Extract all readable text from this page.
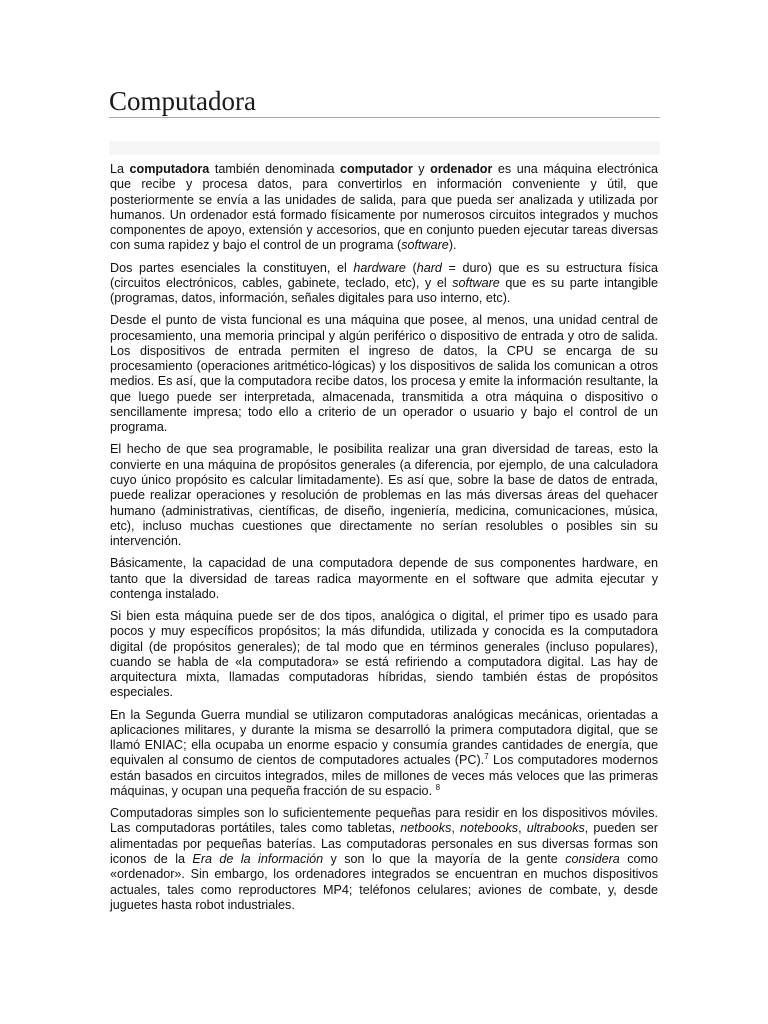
Computadora

La computadora también denominada computador y ordenador es una máquina electrónica que recibe y procesa datos, para convertirlos en información conveniente y útil, que posteriormente se envía a las unidades de salida, para que pueda ser analizada y utilizada por humanos. Un ordenador está formado físicamente por numerosos circuitos integrados y muchos componentes de apoyo, extensión y accesorios, que en conjunto pueden ejecutar tareas diversas con suma rapidez y bajo el control de un programa (software).

Dos partes esenciales la constituyen, el hardware (hard = duro) que es su estructura física (circuitos electrónicos, cables, gabinete, teclado, etc), y el software que es su parte intangible (programas, datos, información, señales digitales para uso interno, etc).

Desde el punto de vista funcional es una máquina que posee, al menos, una unidad central de procesamiento, una memoria principal y algún periférico o dispositivo de entrada y otro de salida. Los dispositivos de entrada permiten el ingreso de datos, la CPU se encarga de su procesamiento (operaciones aritmético-lógicas) y los dispositivos de salida los comunican a otros medios. Es así, que la computadora recibe datos, los procesa y emite la información resultante, la que luego puede ser interpretada, almacenada, transmitida a otra máquina o dispositivo o sencillamente impresa; todo ello a criterio de un operador o usuario y bajo el control de un programa.

El hecho de que sea programable, le posibilita realizar una gran diversidad de tareas, esto la convierte en una máquina de propósitos generales (a diferencia, por ejemplo, de una calculadora cuyo único propósito es calcular limitadamente). Es así que, sobre la base de datos de entrada, puede realizar operaciones y resolución de problemas en las más diversas áreas del quehacer humano (administrativas, científicas, de diseño, ingeniería, medicina, comunicaciones, música, etc), incluso muchas cuestiones que directamente no serían resolubles o posibles sin su intervención.

Básicamente, la capacidad de una computadora depende de sus componentes hardware, en tanto que la diversidad de tareas radica mayormente en el software que admita ejecutar y contenga instalado.

Si bien esta máquina puede ser de dos tipos, analógica o digital, el primer tipo es usado para pocos y muy específicos propósitos; la más difundida, utilizada y conocida es la computadora digital (de propósitos generales); de tal modo que en términos generales (incluso populares), cuando se habla de «la computadora» se está refiriendo a computadora digital. Las hay de arquitectura mixta, llamadas computadoras híbridas, siendo también éstas de propósitos especiales.

En la Segunda Guerra mundial se utilizaron computadoras analógicas mecánicas, orientadas a aplicaciones militares, y durante la misma se desarrolló la primera computadora digital, que se llamó ENIAC; ella ocupaba un enorme espacio y consumía grandes cantidades de energía, que equivalen al consumo de cientos de computadores actuales (PC).$^7$ Los computadores modernos están basados en circuitos integrados, miles de millones de veces más veloces que las primeras máquinas, y ocupan una pequeña fracción de su espacio. $^8$

Computadoras simples son lo suficientemente pequeñas para residir en los dispositivos móviles. Las computadoras portátiles, tales como tabletas, netbooks, notebooks, ultrabooks, pueden ser alimentadas por pequeñas baterías. Las computadoras personales en sus diversas formas son iconos de la Era de la información y son lo que la mayoría de la gente considera como «ordenador». Sin embargo, los ordenadores integrados se encuentran en muchos dispositivos actuales, tales como reproductores MP4; teléfonos celulares; aviones de combate, y, desde juguetes hasta robot industriales.
